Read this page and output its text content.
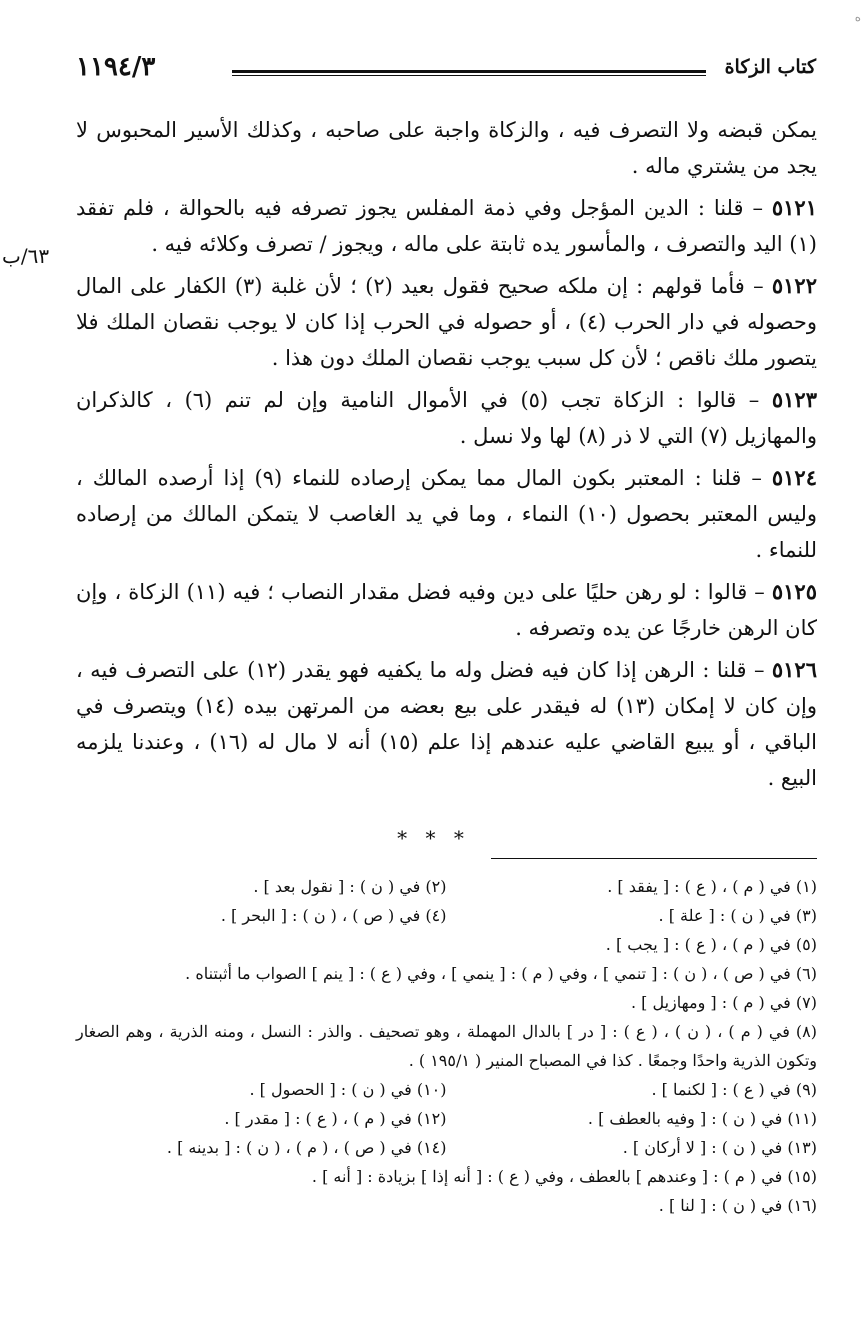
ه
كتاب الزكاة
١١٩٤/٣
٦٣/ب

يمكن قبضه ولا التصرف فيه ، والزكاة واجبة على صاحبه ، وكذلك الأسير المحبوس لا يجد من يشتري ماله .

٥١٢١ – قلنا : الدين المؤجل وفي ذمة المفلس يجوز تصرفه فيه بالحوالة ، فلم تفقد (١) اليد والتصرف ، والمأسور يده ثابتة على ماله ، ويجوز / تصرف وكلائه فيه .

٥١٢٢ – فأما قولهم : إن ملكه صحيح فقول بعيد (٢) ؛ لأن غلبة (٣) الكفار على المال وحصوله في دار الحرب (٤) ، أو حصوله في الحرب إذا كان لا يوجب نقصان الملك فلا يتصور ملك ناقص ؛ لأن كل سبب يوجب نقصان الملك دون هذا .

٥١٢٣ – قالوا : الزكاة تجب (٥) في الأموال النامية وإن لم تنم (٦) ، كالذكران والمهازيل (٧) التي لا ذر (٨) لها ولا نسل .

٥١٢٤ – قلنا : المعتبر بكون المال مما يمكن إرصاده للنماء (٩) إذا أرصده المالك ، وليس المعتبر بحصول (١٠) النماء ، وما في يد الغاصب لا يتمكن المالك من إرصاده للنماء .

٥١٢٥ – قالوا : لو رهن حليًا على دين وفيه فضل مقدار النصاب ؛ فيه (١١) الزكاة ، وإن كان الرهن خارجًا عن يده وتصرفه .

٥١٢٦ – قلنا : الرهن إذا كان فيه فضل وله ما يكفيه فهو يقدر (١٢) على التصرف فيه ، وإن كان لا إمكان (١٣) له فيقدر على بيع بعضه من المرتهن بيده (١٤) ويتصرف في الباقي ، أو يبيع القاضي عليه عندهم إذا علم (١٥) أنه لا مال له (١٦) ، وعندنا يلزمه البيع .

* * *
(١) في ( م ) ، ( ع ) : [ يفقد ] .
(٢) في ( ن ) : [ نقول بعد ] .
(٣) في ( ن ) : [ علة ] .
(٤) في ( ص ) ، ( ن ) : [ البحر ] .
(٥) في ( م ) ، ( ع ) : [ يجب ] .
(٦) في ( ص ) ، ( ن ) : [ تنمي ] ، وفي ( م ) : [ ينمي ] ، وفي ( ع ) : [ ينم ] الصواب ما أثبتناه .
(٧) في ( م ) : [ ومهازيل ] .
(٨) في ( م ) ، ( ن ) ، ( ع ) : [ در ] بالدال المهملة ، وهو تصحيف . والذر : النسل ، ومنه الذرية ، وهم الصغار وتكون الذرية واحدًا وجمعًا . كذا في المصباح المنير ( ١٩٥/١ ) .
(٩) في ( ع ) : [ لكنما ] .
(١٠) في ( ن ) : [ الحصول ] .
(١١) في ( ن ) : [ وفيه بالعطف ] .
(١٢) في ( م ) ، ( ع ) : [ مقدر ] .
(١٣) في ( ن ) : [ لا أركان ] .
(١٤) في ( ص ) ، ( م ) ، ( ن ) : [ بدينه ] .
(١٥) في ( م ) : [ وعندهم ] بالعطف ، وفي ( ع ) : [ أنه إذا ] بزيادة : [ أنه ] .
(١٦) في ( ن ) : [ لنا ] .
